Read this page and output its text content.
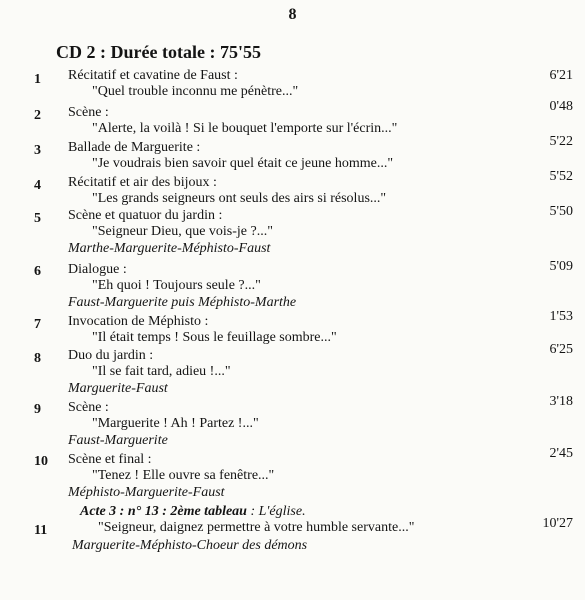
8
CD 2 : Durée totale : 75'55
1 Récitatif et cavatine de Faust :
"Quel trouble inconnu me pénètre..."
6'21
2 Scène :
"Alerte, la voilà ! Si le bouquet l'emporte sur l'écrin..."
0'48
3 Ballade de Marguerite :
"Je voudrais bien savoir quel était ce jeune homme..."
5'22
4 Récitatif et air des bijoux :
"Les grands seigneurs ont seuls des airs si résolus..."
5'52
5 Scène et quatuor du jardin :
"Seigneur Dieu, que vois-je ?..."
Marthe-Marguerite-Méphisto-Faust
5'50
6 Dialogue :
"Eh quoi ! Toujours seule ?..."
Faust-Marguerite puis Méphisto-Marthe
5'09
7 Invocation de Méphisto :
"Il était temps ! Sous le feuillage sombre..."
1'53
8 Duo du jardin :
"Il se fait tard, adieu !..."
Marguerite-Faust
6'25
9 Scène :
"Marguerite ! Ah ! Partez !..."
Faust-Marguerite
3'18
10 Scène et final :
"Tenez ! Elle ouvre sa fenêtre..."
Méphisto-Marguerite-Faust
2'45
Acte 3 : n° 13 : 2ème tableau : L'église.
11	"Seigneur, daignez permettre à votre humble servante..."
Marguerite-Méphisto-Choeur des démons
10'27
